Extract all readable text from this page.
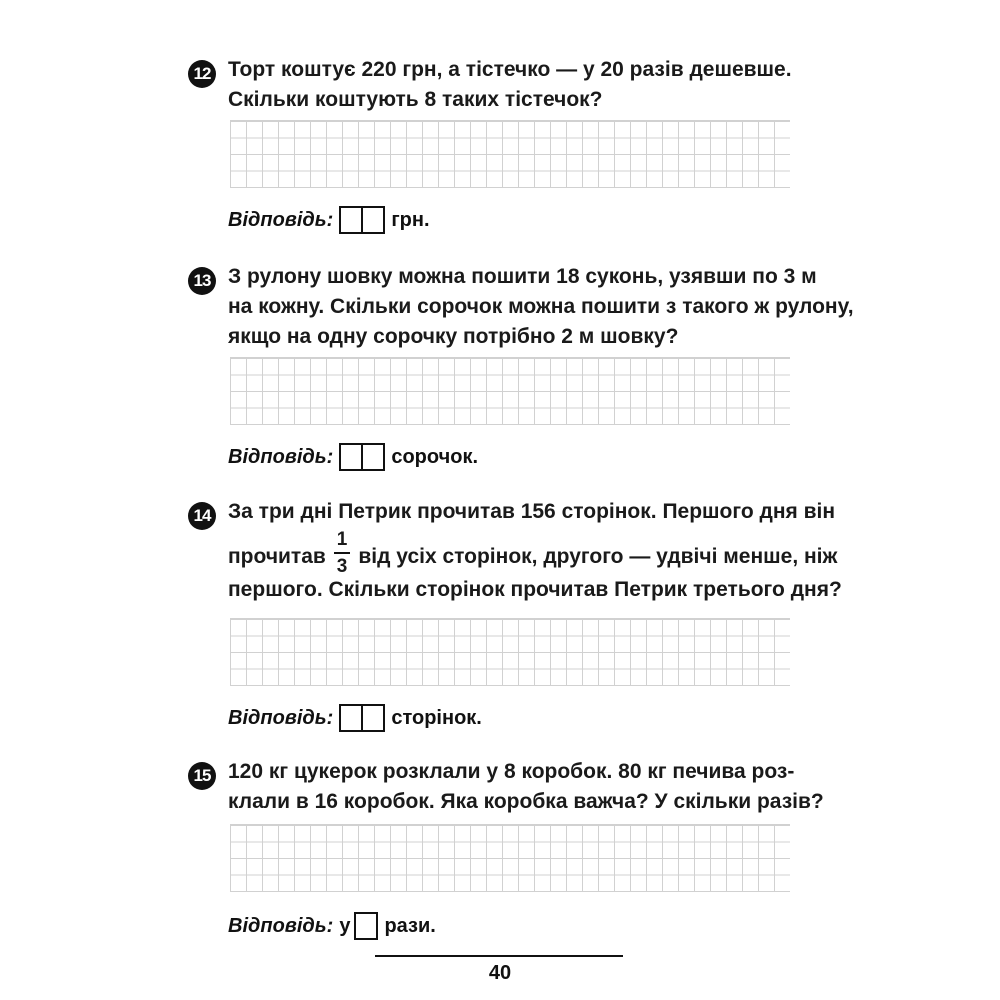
12 Торт коштує 220 грн, а тістечко — у 20 разів дешевше.
Скільки коштують 8 таких тістечок?
Відповідь:	грн.
13 З рулону шовку можна пошити 18 суконь, узявши по 3 м
на кожну. Скільки сорочок можна пошити з такого ж рулону,
якщо на одну сорочку потрібно 2 м шовку?
Відповідь:	сорочок.
14 За три дні Петрик прочитав 156 сторінок. Першого дня він
прочитав $\frac{1}{3}$ від усіх сторінок, другого — удвічі менше, ніж
першого. Скільки сторінок прочитав Петрик третього дня?
Відповідь:	сторінок.
15 120 кг цукерок розклали у 8 коробок. 80 кг печива роз-
клали в 16 коробок. Яка коробка важча? У скільки разів?
Відповідь: у рази.
40
